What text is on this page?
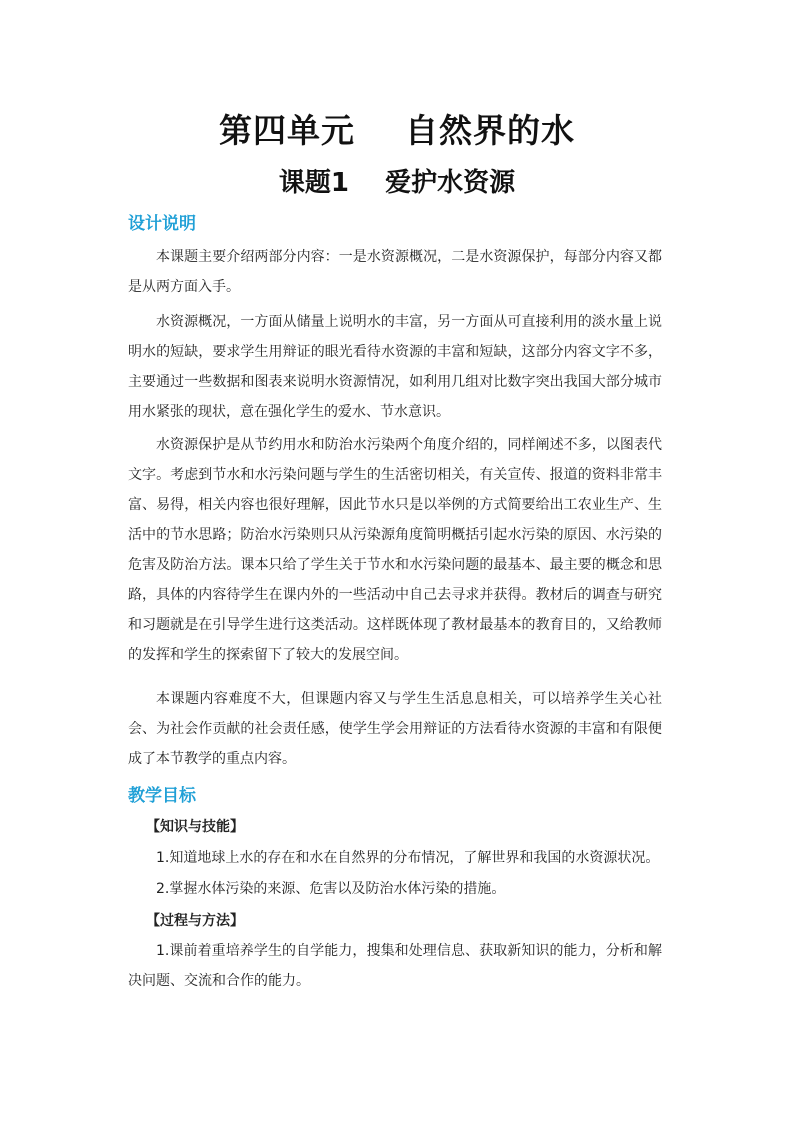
第四单元    自然界的水
课题1    爱护水资源
设计说明
本课题主要介绍两部分内容：一是水资源概况，二是水资源保护，每部分内容又都是从两方面入手。
水资源概况，一方面从储量上说明水的丰富，另一方面从可直接利用的淡水量上说明水的短缺，要求学生用辩证的眼光看待水资源的丰富和短缺，这部分内容文字不多，主要通过一些数据和图表来说明水资源情况，如利用几组对比数字突出我国大部分城市用水紧张的现状，意在强化学生的爱水、节水意识。
水资源保护是从节约用水和防治水污染两个角度介绍的，同样阐述不多，以图表代文字。考虑到节水和水污染问题与学生的生活密切相关，有关宣传、报道的资料非常丰富、易得，相关内容也很好理解，因此节水只是以举例的方式简要给出工农业生产、生活中的节水思路；防治水污染则只从污染源角度简明概括引起水污染的原因、水污染的危害及防治方法。课本只给了学生关于节水和水污染问题的最基本、最主要的概念和思路，具体的内容待学生在课内外的一些活动中自己去寻求并获得。教材后的调查与研究和习题就是在引导学生进行这类活动。这样既体现了教材最基本的教育目的，又给教师的发挥和学生的探索留下了较大的发展空间。
本课题内容难度不大，但课题内容又与学生生活息息相关，可以培养学生关心社会、为社会作贡献的社会责任感，使学生学会用辩证的方法看待水资源的丰富和有限便成了本节教学的重点内容。
教学目标
【知识与技能】
1.知道地球上水的存在和水在自然界的分布情况，了解世界和我国的水资源状况。
2.掌握水体污染的来源、危害以及防治水体污染的措施。
【过程与方法】
1.课前着重培养学生的自学能力，搜集和处理信息、获取新知识的能力，分析和解决问题、交流和合作的能力。
